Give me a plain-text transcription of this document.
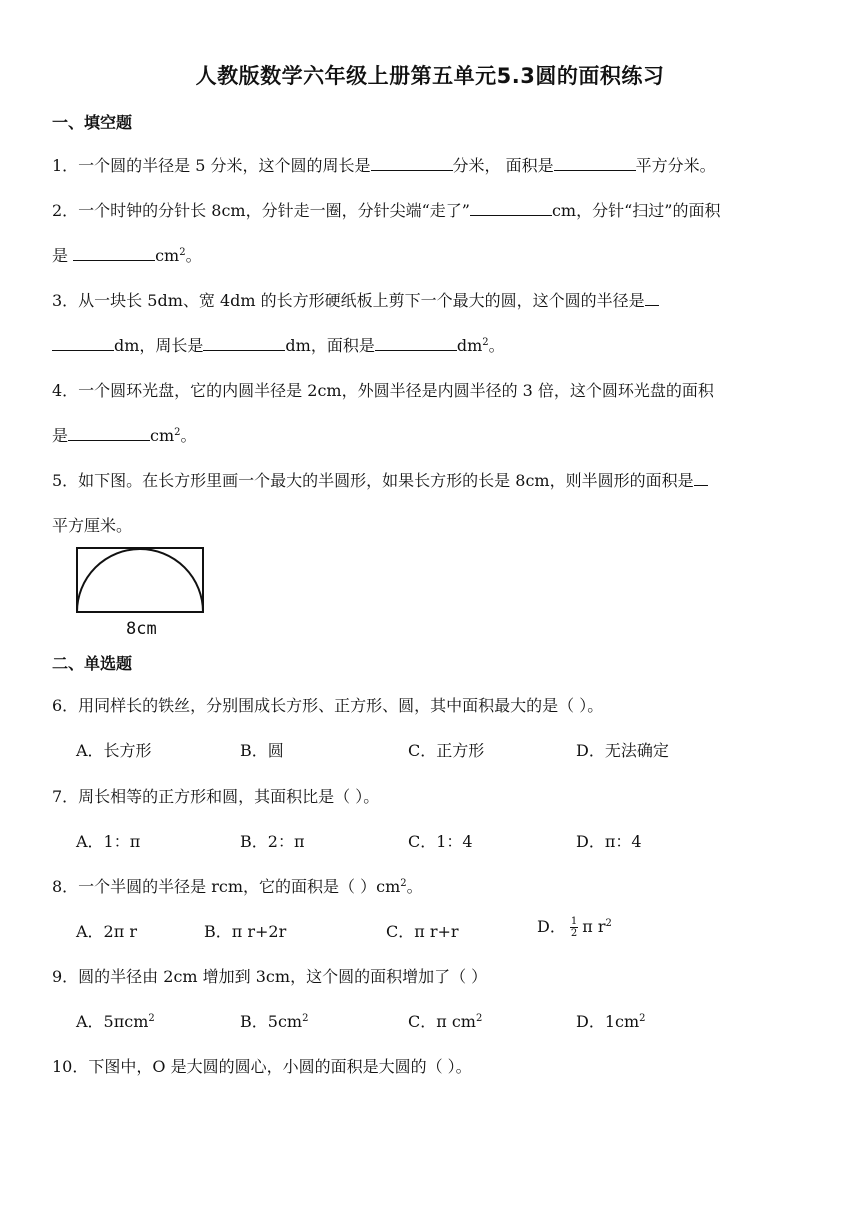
人教版数学六年级上册第五单元5.3圆的面积练习
一、填空题
1．一个圆的半径是 5 分米，这个圆的周长是	分米， 面积是	平方分米。
2．一个时钟的分针长 8cm，分针走一圈，分针尖端“走了”	cm，分针“扫过”的面积
是	$cm^2$。
3．从一块长 5dm、宽 4dm 的长方形硬纸板上剪下一个最大的圆，这个圆的半径是
dm，周长是	dm，面积是	$dm^2$。
4．一个圆环光盘，它的内圆半径是 2cm，外圆半径是内圆半径的 3 倍，这个圆环光盘的面积
是	$cm^2$。
5．如下图。在长方形里画一个最大的半圆形，如果长方形的长是 8cm，则半圆形的面积是
平方厘米。
8cm
二、单选题
6．用同样长的铁丝，分别围成长方形、正方形、圆，其中面积最大的是（ ）。
A．长方形	B．圆	C．正方形	D．无法确定
7．周长相等的正方形和圆，其面积比是（ ）。
A．1：π	B．2：π	C．1：4	D．π：4
8．一个半圆的半径是 rcm，它的面积是（ ）$cm^2$。
A．2π r	B．π r+2r	C．π r+r	D． $\frac{1}{2}$ π $r^2$
9．圆的半径由 2cm 增加到 3cm，这个圆的面积增加了（ ）
A．5πcm$^2$	B．$5cm^2$	C．π $cm^2$	D．$1cm^2$
10．下图中，O 是大圆的圆心，小圆的面积是大圆的（ ）。
